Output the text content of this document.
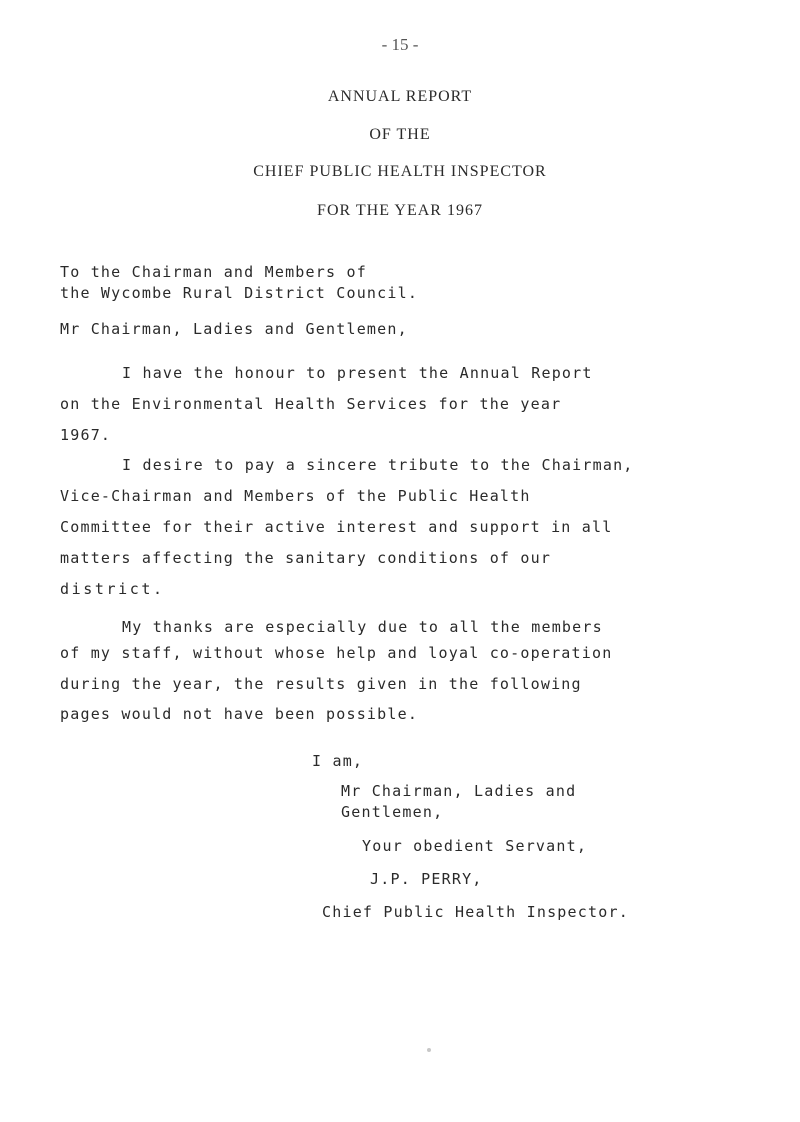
- 15 -

ANNUAL REPORT

OF THE

CHIEF PUBLIC HEALTH INSPECTOR

FOR THE YEAR 1967

To the Chairman and Members of

the Wycombe Rural District Council.

Mr Chairman, Ladies and Gentlemen,

I have the honour to present the Annual Report

on the Environmental Health Services for the year

1967.

I desire to pay a sincere tribute to the Chairman,

Vice-Chairman and Members of the Public Health

Committee for their active interest and support in all

matters affecting the sanitary conditions of our

district.

My thanks are especially due to all the members

of my staff, without whose help and loyal co-operation

during the year, the results given in the following

pages would not have been possible.

I am,

Mr Chairman, Ladies and

Gentlemen,

Your obedient Servant,

J.P. PERRY,

Chief Public Health Inspector.
